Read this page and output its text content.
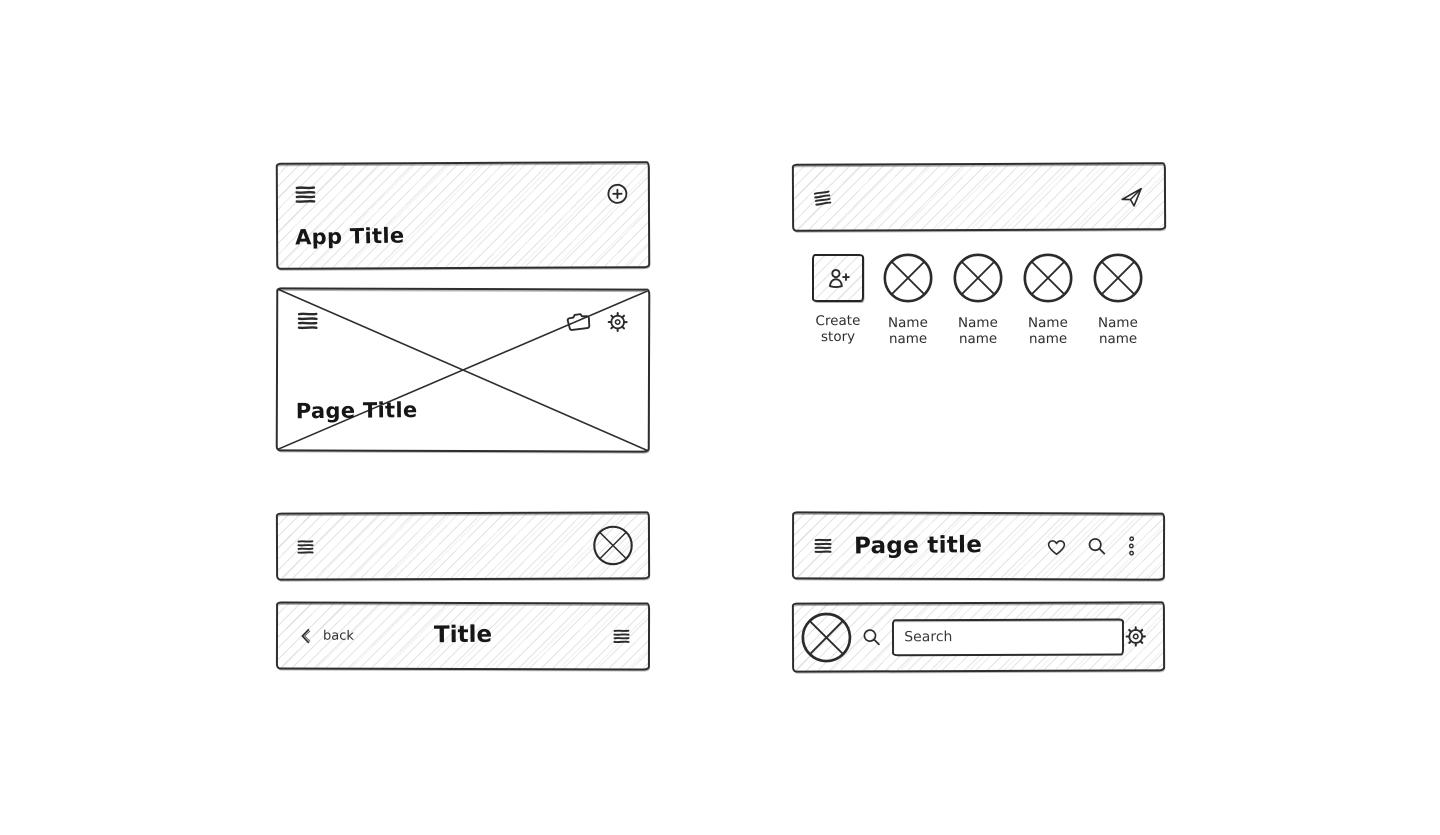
App Title
Page Title
back	Title
Create story
Name name
Name name
Name name
Name name
Page title
Search
